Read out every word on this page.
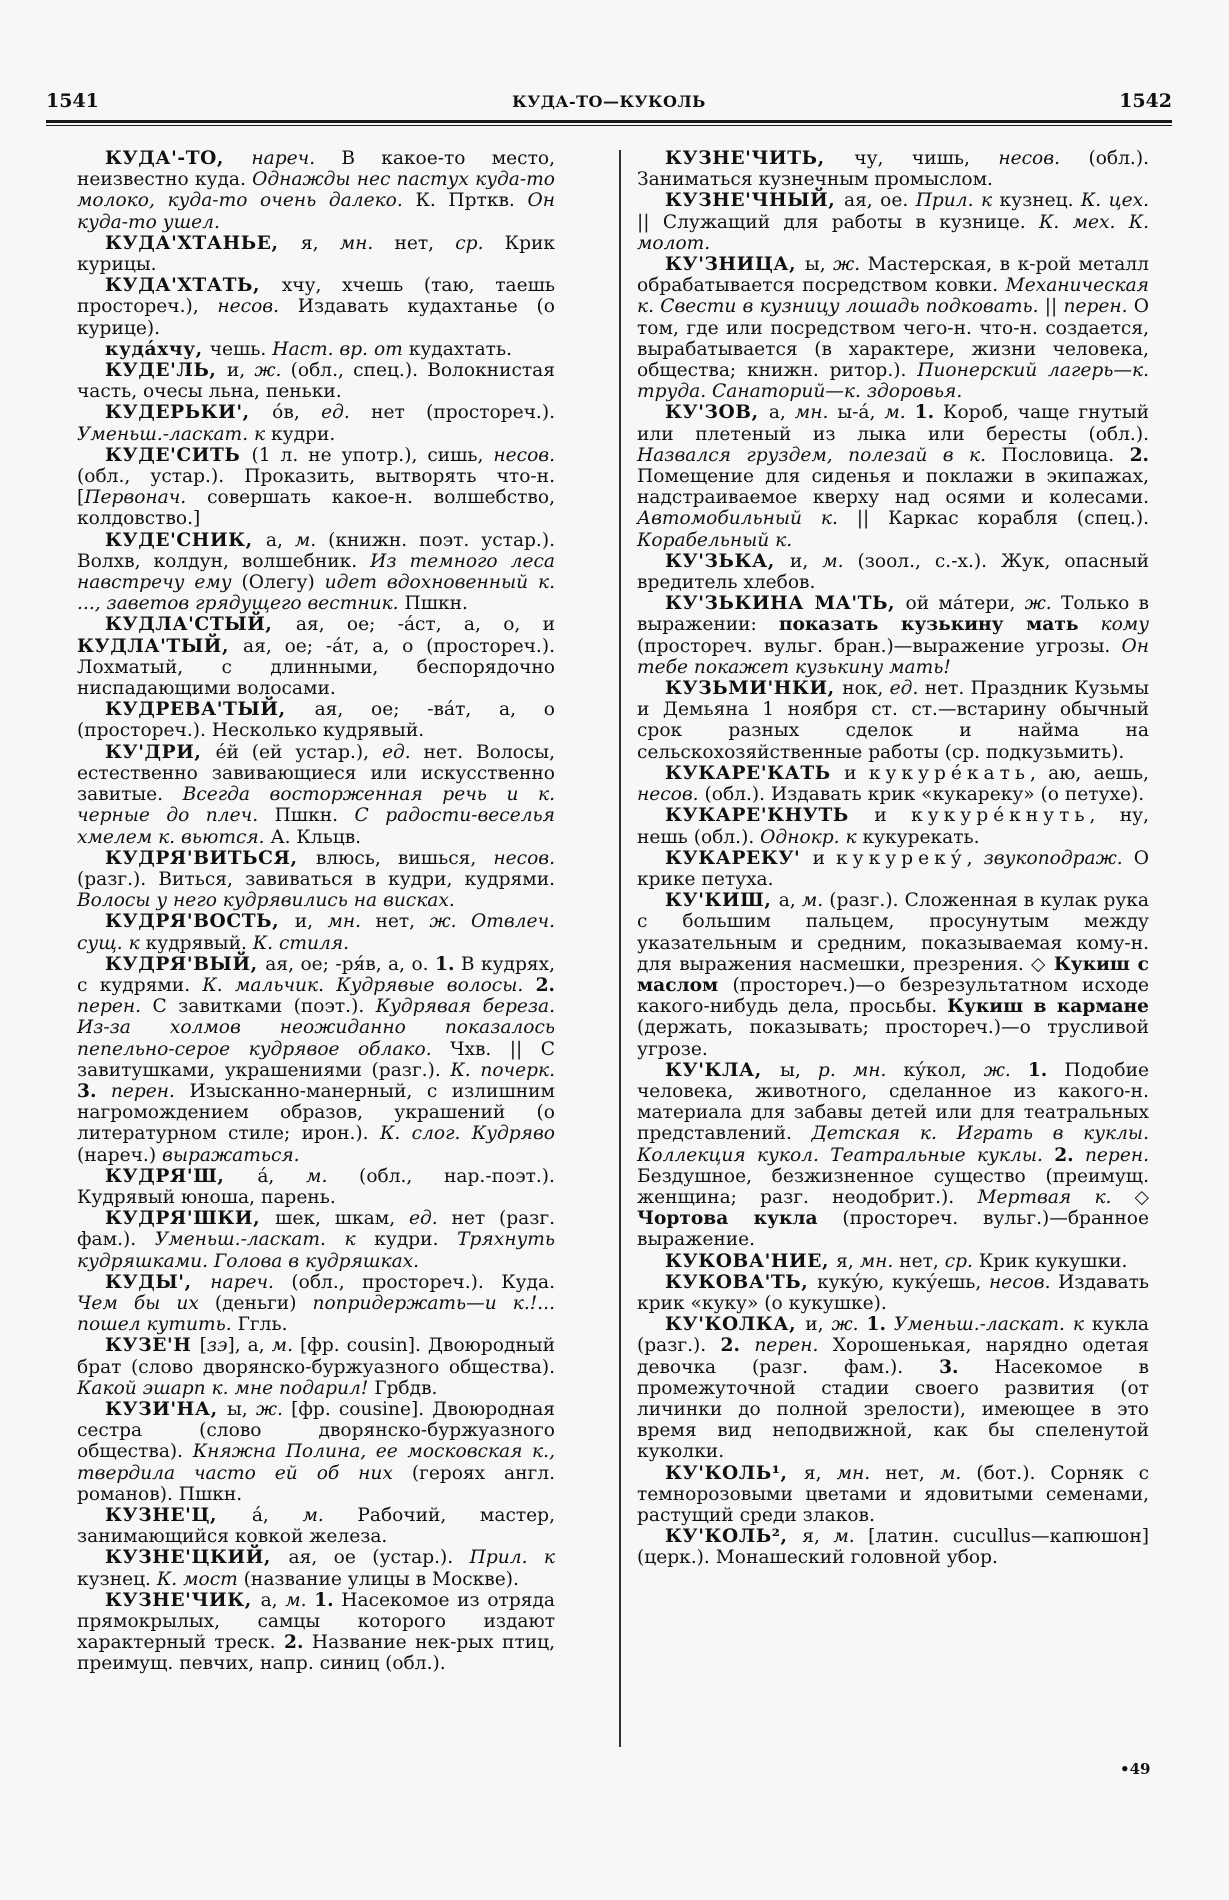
1541	КУДА-ТО—КУКОЛЬ	1542

КУДА'-ТО, нареч. В какое-то место, неизвестно куда. Однажды нес пастух куда-то молоко, куда-то очень далеко. К. Прткв. Он куда-то ушел.

КУДА'ХТАНЬЕ, я, мн. нет, ср. Крик курицы.

КУДА'ХТАТЬ, хчу, хчешь (таю, таешь простореч.), несов. Издавать кудахтанье (о курице).

куда́хчу, чешь. Наст. вр. от кудахтать.

КУДЕ'ЛЬ, и, ж. (обл., спец.). Волокнистая часть, очесы льна, пеньки.

КУДЕРЬКИ', о́в, ед. нет (простореч.). Уменьш.-ласкат. к кудри.

КУДЕ'СИТЬ (1 л. не употр.), сишь, несов. (обл., устар.). Проказить, вытворять что-н. [Первонач. совершать какое-н. волшебство, колдовство.]

КУДЕ'СНИК, а, м. (книжн. поэт. устар.). Волхв, колдун, волшебник. Из темного леса навстречу ему (Олегу) идет вдохновенный к. ..., заветов грядущего вестник. Пшкн.

КУДЛА'СТЫЙ, ая, ое; -а́ст, а, о, и КУДЛА'ТЫЙ, ая, ое; -а́т, а, о (простореч.). Лохматый, с длинными, беспорядочно ниспадающими волосами.

КУДРЕВА'ТЫЙ, ая, ое; -ва́т, а, о (простореч.). Несколько кудрявый.

КУ'ДРИ, е́й (ей устар.), ед. нет. Волосы, естественно завивающиеся или искусственно завитые. Всегда восторженная речь и к. черные до плеч. Пшкн. С радости-веселья хмелем к. вьются. А. Кльцв.

КУДРЯ'ВИТЬСЯ, влюсь, вишься, несов. (разг.). Виться, завиваться в кудри, кудрями. Волосы у него кудрявились на висках.

КУДРЯ'ВОСТЬ, и, мн. нет, ж. Отвлеч. сущ. к кудрявый. К. стиля.

КУДРЯ'ВЫЙ, ая, ое; -ря́в, а, о. 1. В кудрях, с кудрями. К. мальчик. Кудрявые волосы. 2. перен. С завитками (поэт.). Кудрявая береза. Из-за холмов неожиданно показалось пепельно-серое кудрявое облако. Чхв. || С завитушками, украшениями (разг.). К. почерк. 3. перен. Изысканно-манерный, с излишним нагромождением образов, украшений (о литературном стиле; ирон.). К. слог. Кудряво (нареч.) выражаться.

КУДРЯ'Ш, а́, м. (обл., нар.-поэт.). Кудрявый юноша, парень.

КУДРЯ'ШКИ, шек, шкам, ед. нет (разг. фам.). Уменьш.-ласкат. к кудри. Тряхнуть кудряшками. Голова в кудряшках.

КУДЫ', нареч. (обл., простореч.). Куда. Чем бы их (деньги) попридержать—и к.!... пошел кутить. Ггль.

КУЗЕ'Н [зэ], а, м. [фр. cousin]. Двоюродный брат (слово дворянско-буржуазного общества). Какой эшарп к. мне подарил! Грбдв.

КУЗИ'НА, ы, ж. [фр. cousine]. Двоюродная сестра (слово дворянско-буржуазного общества). Княжна Полина, ее московская к., твердила часто ей об них (героях англ. романов). Пшкн.

КУЗНЕ'Ц, а́, м. Рабочий, мастер, занимающийся ковкой железа.

КУЗНЕ'ЦКИЙ, ая, ое (устар.). Прил. к кузнец. К. мост (название улицы в Москве).

КУЗНЕ'ЧИК, а, м. 1. Насекомое из отряда прямокрылых, самцы которого издают характерный треск. 2. Название нек-рых птиц, преимущ. певчих, напр. синиц (обл.).

КУЗНЕ'ЧИТЬ, чу, чишь, несов. (обл.). Заниматься кузнечным промыслом.

КУЗНЕ'ЧНЫЙ, ая, ое. Прил. к кузнец. К. цех. || Служащий для работы в кузнице. К. мех. К. молот.

КУ'ЗНИЦА, ы, ж. Мастерская, в к-рой металл обрабатывается посредством ковки. Механическая к. Свести в кузницу лошадь подковать. || перен. О том, где или посредством чего-н. что-н. создается, вырабатывается (в характере, жизни человека, общества; книжн. ритор.). Пионерский лагерь—к. труда. Санаторий—к. здоровья.

КУ'ЗОВ, а, мн. ы-а́, м. 1. Короб, чаще гнутый или плетеный из лыка или бересты (обл.). Назвался груздем, полезай в к. Пословица. 2. Помещение для сиденья и поклажи в экипажах, надстраиваемое кверху над осями и колесами. Автомобильный к. || Каркас корабля (спец.). Корабельный к.

КУ'ЗЬКА, и, м. (зоол., с.-х.). Жук, опасный вредитель хлебов.

КУ'ЗЬКИНА МА'ТЬ, ой ма́тери, ж. Только в выражении: показать кузькину мать кому (простореч. вульг. бран.)—выражение угрозы. Он тебе покажет кузькину мать!

КУЗЬМИ'НКИ, нок, ед. нет. Праздник Кузьмы и Демьяна 1 ноября ст. ст.—встарину обычный срок разных сделок и найма на сельскохозяйственные работы (ср. подкузьмить).

КУКАРЕ'КАТЬ и кукуре́кать, аю, аешь, несов. (обл.). Издавать крик «кукареку» (о петухе).

КУКАРЕ'КНУТЬ и кукуре́кнуть, ну, нешь (обл.). Однокр. к кукурекать.

КУКАРЕКУ' и кукуреку́, звукоподраж. О крике петуха.

КУ'КИШ, а, м. (разг.). Сложенная в кулак рука с большим пальцем, просунутым между указательным и средним, показываемая кому-н. для выражения насмешки, презрения. ◇ Кукиш с маслом (простореч.)—о безрезультатном исходе какого-нибудь дела, просьбы. Кукиш в кармане (держать, показывать; простореч.)—о трусливой угрозе.

КУ'КЛА, ы, р. мн. ку́кол, ж. 1. Подобие человека, животного, сделанное из какого-н. материала для забавы детей или для театральных представлений. Детская к. Играть в куклы. Коллекция кукол. Театральные куклы. 2. перен. Бездушное, безжизненное существо (преимущ. женщина; разг. неодобрит.). Мертвая к. ◇ Чортова кукла (простореч. вульг.)—бранное выражение.

КУКОВА'НИЕ, я, мн. нет, ср. Крик кукушки.

КУКОВА'ТЬ, куку́ю, куку́ешь, несов. Издавать крик «куку» (о кукушке).

КУ'КОЛКА, и, ж. 1. Уменьш.-ласкат. к кукла (разг.). 2. перен. Хорошенькая, нарядно одетая девочка (разг. фам.). 3. Насекомое в промежуточной стадии своего развития (от личинки до полной зрелости), имеющее в это время вид неподвижной, как бы спеленутой куколки.

КУ'КОЛЬ¹, я, мн. нет, м. (бот.). Сорняк с темнорозовыми цветами и ядовитыми семенами, растущий среди злаков.

КУ'КОЛЬ², я, м. [латин. cucullus—капюшон] (церк.). Монашеский головной убор.

•49
